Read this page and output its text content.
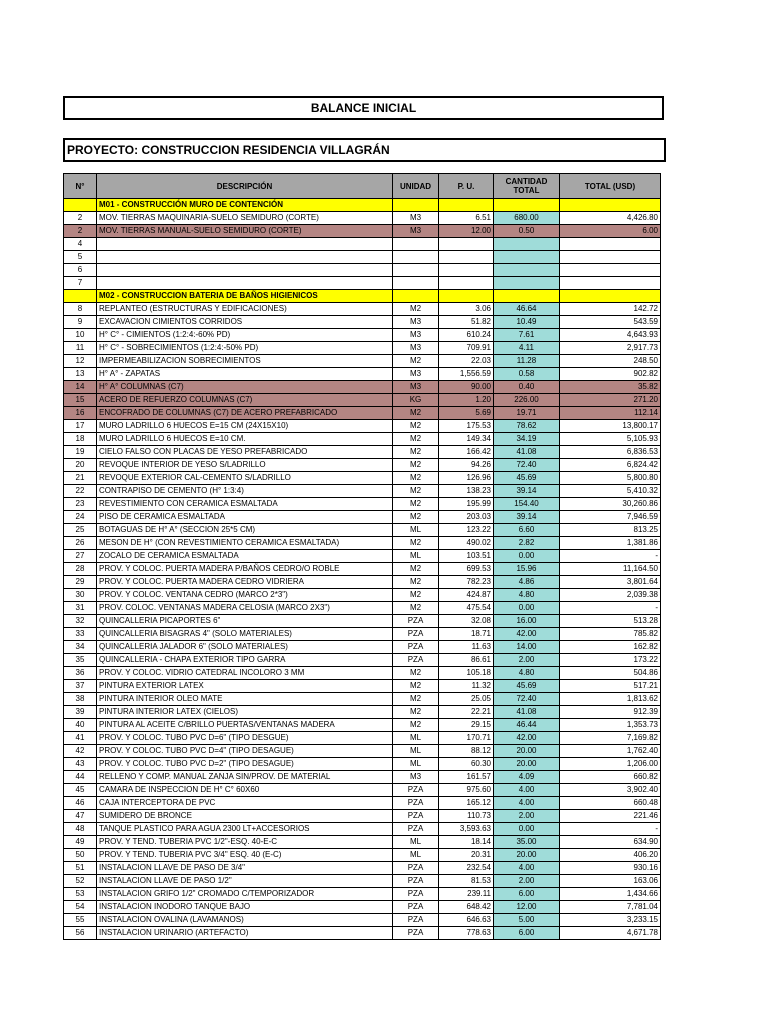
BALANCE INICIAL
PROYECTO: CONSTRUCCION RESIDENCIA VILLAGRÁN
N°	DESCRIPCIÓN	UNIDAD	P. U.	CANTIDAD TOTAL	TOTAL (USD)
	M01 - CONSTRUCCIÓN MURO DE CONTENCIÓN				
2	MOV. TIERRAS MAQUINARIA-SUELO SEMIDURO (CORTE)	M3	6.51	680.00	4,426.80
2	MOV. TIERRAS MANUAL-SUELO SEMIDURO (CORTE)	M3	12.00	0.50	6.00
4					
5					
6					
7					
	M02 - CONSTRUCCION BATERIA DE BAÑOS HIGIENICOS				
8	REPLANTEO (ESTRUCTURAS Y EDIFICACIONES)	M2	3.06	46.64	142.72
9	EXCAVACION CIMIENTOS CORRIDOS	M3	51.82	10.49	543.59
10	H° C° - CIMIENTOS (1:2:4:-60% PD)	M3	610.24	7.61	4,643.93
11	H° C° - SOBRECIMIENTOS (1:2:4:-50% PD)	M3	709.91	4.11	2,917.73
12	IMPERMEABILIZACION SOBRECIMIENTOS	M2	22.03	11.28	248.50
13	H° A° - ZAPATAS	M3	1,556.59	0.58	902.82
14	H° A° COLUMNAS (C7)	M3	90.00	0.40	35.82
15	ACERO DE REFUERZO COLUMNAS (C7)	KG	1.20	226.00	271.20
16	ENCOFRADO DE COLUMNAS (C7) DE ACERO PREFABRICADO	M2	5.69	19.71	112.14
17	MURO LADRILLO 6 HUECOS E=15 CM (24X15X10)	M2	175.53	78.62	13,800.17
18	MURO LADRILLO 6 HUECOS E=10 CM.	M2	149.34	34.19	5,105.93
19	CIELO FALSO CON PLACAS DE YESO PREFABRICADO	M2	166.42	41.08	6,836.53
20	REVOQUE INTERIOR DE YESO S/LADRILLO	M2	94.26	72.40	6,824.42
21	REVOQUE EXTERIOR CAL-CEMENTO S/LADRILLO	M2	126.96	45.69	5,800.80
22	CONTRAPISO DE CEMENTO (H° 1:3:4)	M2	138.23	39.14	5,410.32
23	REVESTIMIENTO CON CERAMICA ESMALTADA	M2	195.99	154.40	30,260.86
24	PISO DE CERAMICA ESMALTADA	M2	203.03	39.14	7,946.59
25	BOTAGUAS DE H° A° (SECCION 25*5 CM)	ML	123.22	6.60	813.25
26	MESON DE H° (CON REVESTIMIENTO CERAMICA ESMALTADA)	M2	490.02	2.82	1,381.86
27	ZOCALO DE CERAMICA ESMALTADA	ML	103.51	0.00	-
28	PROV. Y COLOC. PUERTA MADERA P/BAÑOS CEDRO/O ROBLE	M2	699.53	15.96	11,164.50
29	PROV. Y COLOC. PUERTA MADERA CEDRO VIDRIERA	M2	782.23	4.86	3,801.64
30	PROV. Y COLOC. VENTANA CEDRO (MARCO 2*3")	M2	424.87	4.80	2,039.38
31	PROV. COLOC. VENTANAS MADERA CELOSIA (MARCO 2X3")	M2	475.54	0.00	-
32	QUINCALLERIA PICAPORTES 6"	PZA	32.08	16.00	513.28
33	QUINCALLERIA BISAGRAS 4" (SOLO MATERIALES)	PZA	18.71	42.00	785.82
34	QUINCALLERIA JALADOR 6" (SOLO MATERIALES)	PZA	11.63	14.00	162.82
35	QUINCALLERIA - CHAPA EXTERIOR TIPO GARRA	PZA	86.61	2.00	173.22
36	PROV. Y COLOC. VIDRIO CATEDRAL INCOLORO 3 MM	M2	105.18	4.80	504.86
37	PINTURA EXTERIOR LATEX	M2	11.32	45.69	517.21
38	PINTURA INTERIOR OLEO MATE	M2	25.05	72.40	1,813.62
39	PINTURA INTERIOR LATEX (CIELOS)	M2	22.21	41.08	912.39
40	PINTURA AL ACEITE C/BRILLO PUERTAS/VENTANAS MADERA	M2	29.15	46.44	1,353.73
41	PROV. Y COLOC. TUBO PVC D=6" (TIPO DESGUE)	ML	170.71	42.00	7,169.82
42	PROV. Y COLOC. TUBO PVC D=4" (TIPO DESAGUE)	ML	88.12	20.00	1,762.40
43	PROV. Y COLOC. TUBO PVC D=2" (TIPO DESAGUE)	ML	60.30	20.00	1,206.00
44	RELLENO Y COMP. MANUAL ZANJA SIN/PROV. DE MATERIAL	M3	161.57	4.09	660.82
45	CAMARA DE INSPECCION DE H° C° 60X60	PZA	975.60	4.00	3,902.40
46	CAJA INTERCEPTORA DE PVC	PZA	165.12	4.00	660.48
47	SUMIDERO DE BRONCE	PZA	110.73	2.00	221.46
48	TANQUE PLASTICO PARA AGUA 2300 LT+ACCESORIOS	PZA	3,593.63	0.00	-
49	PROV. Y TEND. TUBERIA PVC 1/2"-ESQ. 40-E-C	ML	18.14	35.00	634.90
50	PROV. Y TEND. TUBERIA PVC 3/4" ESQ. 40 (E-C)	ML	20.31	20.00	406.20
51	INSTALACION LLAVE DE PASO DE 3/4"	PZA	232.54	4.00	930.16
52	INSTALACION LLAVE DE PASO 1/2"	PZA	81.53	2.00	163.06
53	INSTALACION GRIFO 1/2" CROMADO C/TEMPORIZADOR	PZA	239.11	6.00	1,434.66
54	INSTALACION INODORO TANQUE BAJO	PZA	648.42	12.00	7,781.04
55	INSTALACION OVALINA (LAVAMANOS)	PZA	646.63	5.00	3,233.15
56	INSTALACION URINARIO (ARTEFACTO)	PZA	778.63	6.00	4,671.78
